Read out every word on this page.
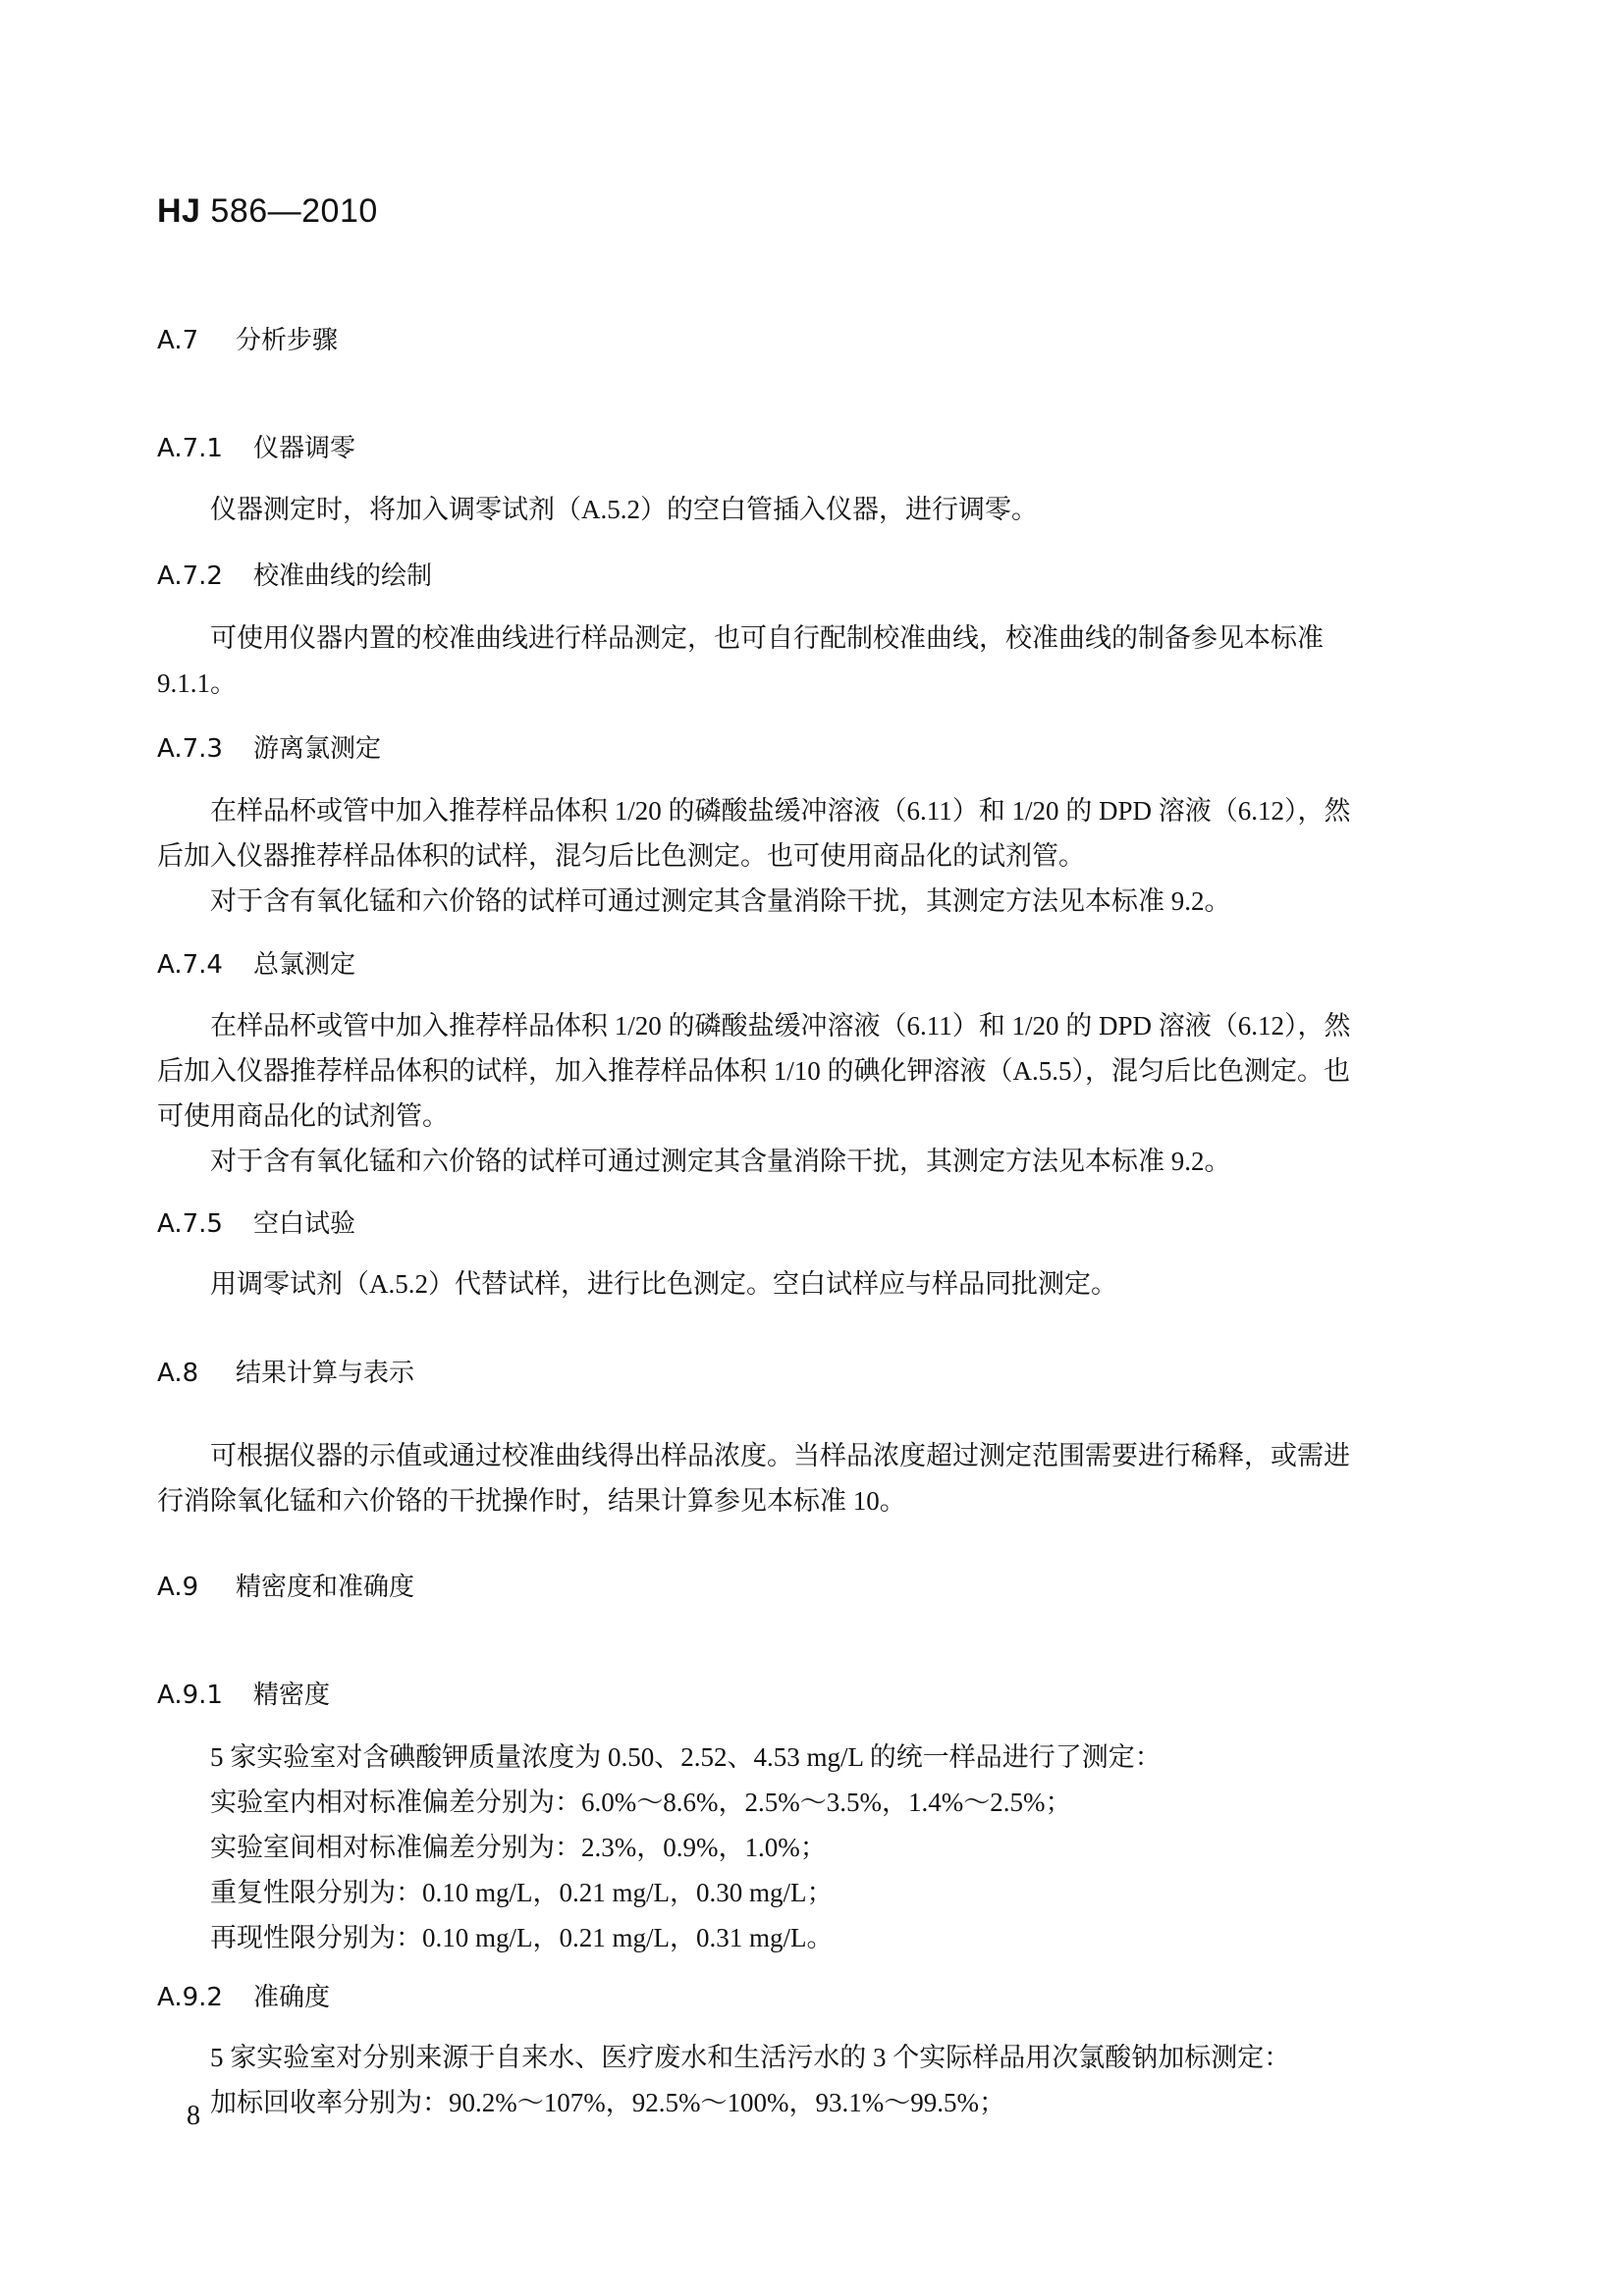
HJ 586—2010
A.7 分析步骤
A.7.1 仪器调零

仪器测定时，将加入调零试剂（A.5.2）的空白管插入仪器，进行调零。

A.7.2 校准曲线的绘制

可使用仪器内置的校准曲线进行样品测定，也可自行配制校准曲线，校准曲线的制备参见本标准
9.1.1。

A.7.3 游离氯测定

在样品杯或管中加入推荐样品体积 1/20 的磷酸盐缓冲溶液（6.11）和 1/20 的 DPD 溶液（6.12），然
后加入仪器推荐样品体积的试样，混匀后比色测定。也可使用商品化的试剂管。
对于含有氧化锰和六价铬的试样可通过测定其含量消除干扰，其测定方法见本标准 9.2。

A.7.4 总氯测定

在样品杯或管中加入推荐样品体积 1/20 的磷酸盐缓冲溶液（6.11）和 1/20 的 DPD 溶液（6.12），然
后加入仪器推荐样品体积的试样，加入推荐样品体积 1/10 的碘化钾溶液（A.5.5），混匀后比色测定。也
可使用商品化的试剂管。
对于含有氧化锰和六价铬的试样可通过测定其含量消除干扰，其测定方法见本标准 9.2。

A.7.5 空白试验

用调零试剂（A.5.2）代替试样，进行比色测定。空白试样应与样品同批测定。

A.8 结果计算与表示

可根据仪器的示值或通过校准曲线得出样品浓度。当样品浓度超过测定范围需要进行稀释，或需进
行消除氧化锰和六价铬的干扰操作时，结果计算参见本标准 10。

A.9 精密度和准确度
A.9.1 精密度

5 家实验室对含碘酸钾质量浓度为 0.50、2.52、4.53 mg/L 的统一样品进行了测定：
实验室内相对标准偏差分别为：6.0%～8.6%，2.5%～3.5%，1.4%～2.5%；
实验室间相对标准偏差分别为：2.3%，0.9%，1.0%；
重复性限分别为：0.10 mg/L，0.21 mg/L，0.30 mg/L；
再现性限分别为：0.10 mg/L，0.21 mg/L，0.31 mg/L。

A.9.2 准确度

5 家实验室对分别来源于自来水、医疗废水和生活污水的 3 个实际样品用次氯酸钠加标测定：
加标回收率分别为：90.2%～107%，92.5%～100%，93.1%～99.5%；

8
